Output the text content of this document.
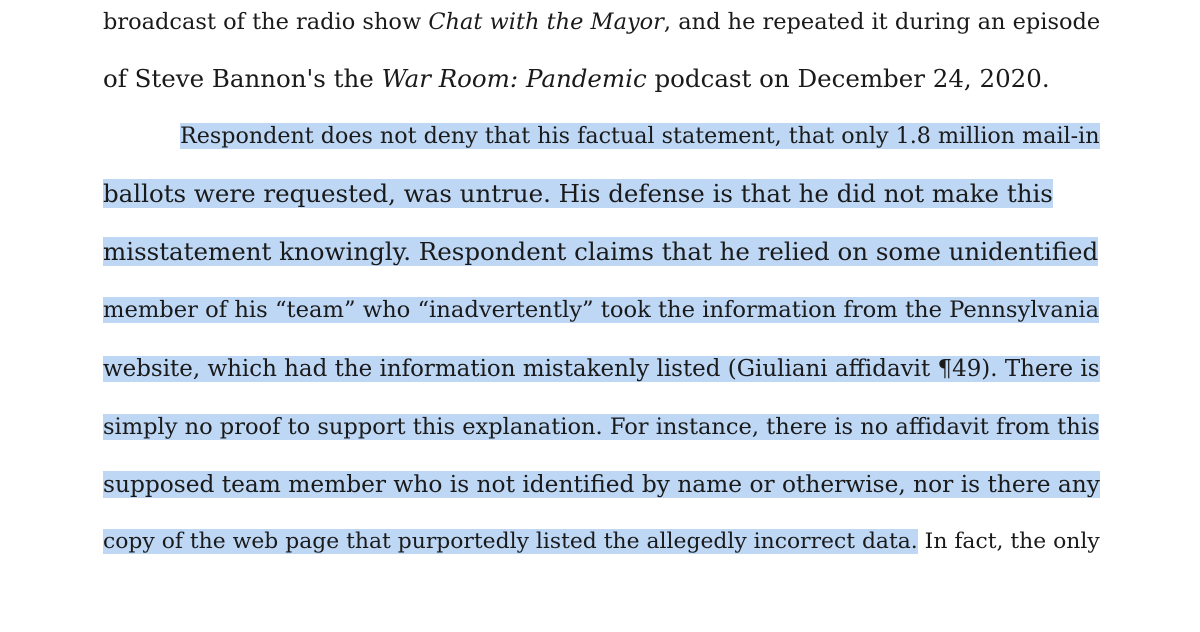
broadcast of the radio show Chat with the Mayor, and he repeated it during an episode
of Steve Bannon's the War Room: Pandemic podcast on December 24, 2020.
Respondent does not deny that his factual statement, that only 1.8 million mail-in
ballots were requested, was untrue. His defense is that he did not make this
misstatement knowingly. Respondent claims that he relied on some unidentified
member of his “team” who “inadvertently” took the information from the Pennsylvania
website, which had the information mistakenly listed (Giuliani affidavit ¶49). There is
simply no proof to support this explanation. For instance, there is no affidavit from this
supposed team member who is not identified by name or otherwise, nor is there any
copy of the web page that purportedly listed the allegedly incorrect data. In fact, the only
